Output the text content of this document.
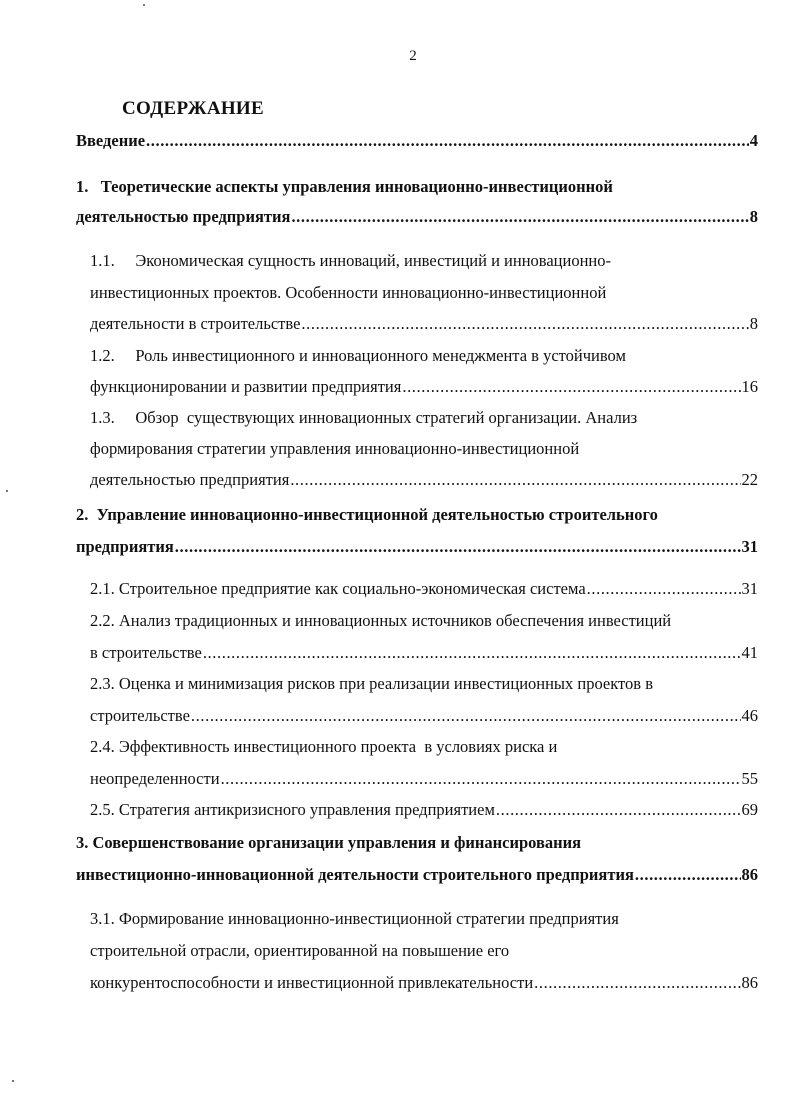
2
СОДЕРЖАНИЕ
Введение .....	4
1.   Теоретические аспекты управления инновационно-инвестиционной
деятельностью предприятия .....	8
1.1.     Экономическая сущность инноваций, инвестиций и инновационно-
инвестиционных проектов. Особенности инновационно-инвестиционной
деятельности в строительстве .....	8
1.2.     Роль инвестиционного и инновационного менеджмента в устойчивом
функционировании и развитии предприятия .....	16
1.3.     Обзор  существующих инновационных стратегий организации. Анализ
формирования стратегии управления инновационно-инвестиционной
деятельностью предприятия .....	22
2.  Управление инновационно-инвестиционной деятельностью строительного
предприятия .....	31
2.1. Строительное предприятие как социально-экономическая система .....	31
2.2. Анализ традиционных и инновационных источников обеспечения инвестиций
в строительстве .....	41
2.3. Оценка и минимизация рисков при реализации инвестиционных проектов в
строительстве .....	46
2.4. Эффективность инвестиционного проекта  в условиях риска и
неопределенности .....	55
2.5. Стратегия антикризисного управления предприятием .....	69
3. Совершенствование организации управления и финансирования
инвестиционно-инновационной деятельности строительного предприятия .....	86
3.1. Формирование инновационно-инвестиционной стратегии предприятия
строительной отрасли, ориентированной на повышение его
конкурентоспособности и инвестиционной привлекательности .....	86
